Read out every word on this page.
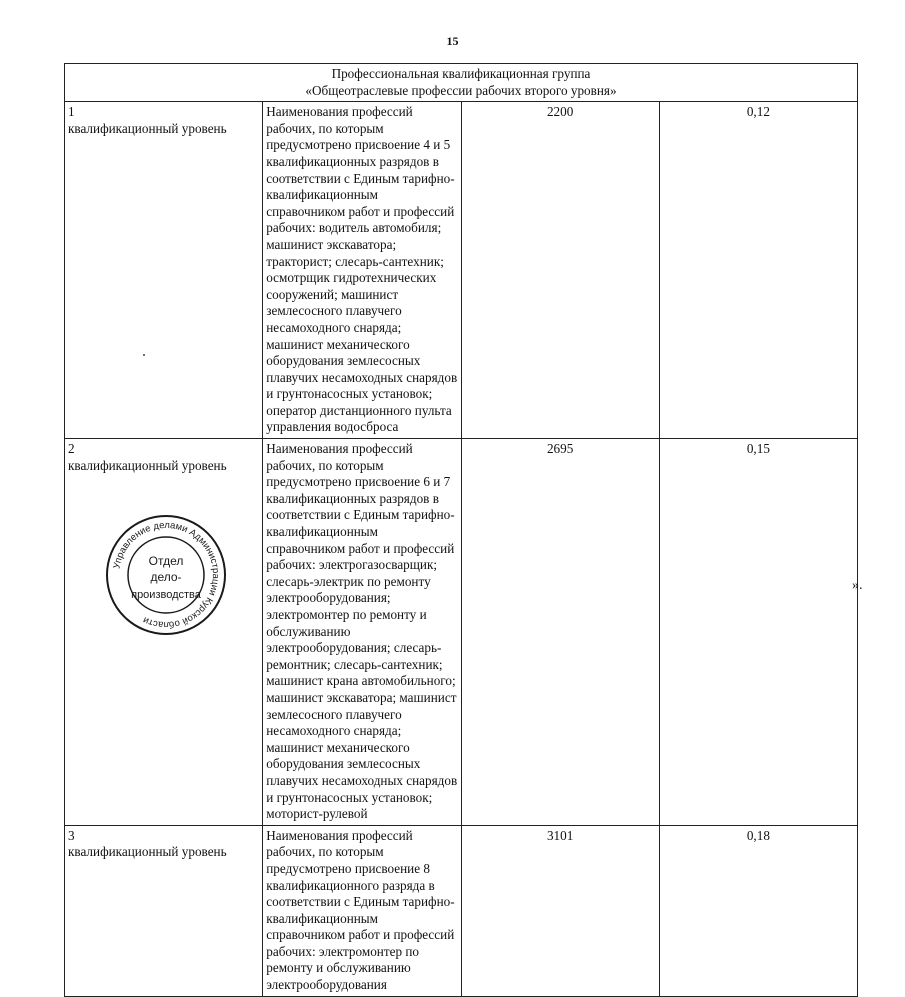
15
Профессиональная квалификационная группа
«Общеотраслевые профессии рабочих второго уровня»			

1
квалификационный уровень	Наименования профессий рабочих, по которым предусмотрено присвоение 4 и 5 квалификационных разрядов в соответствии с Единым тарифно-квалификационным справочником работ и профессий рабочих: водитель автомобиля; машинист экскаватора; тракторист; слесарь-сантехник; осмотрщик гидротехнических сооружений; машинист землесосного плавучего несамоходного снаряда; машинист механического оборудования землесосных плавучих несамоходных снарядов и грунтонасосных установок; оператор дистанционного пульта управления водосброса	2200	0,12

2
квалификационный уровень	Наименования профессий рабочих, по которым предусмотрено присвоение 6 и 7 квалификационных разрядов в соответствии с Единым тарифно-квалификационным справочником работ и профессий рабочих: электрогазосварщик; слесарь-электрик по ремонту электрооборудования; электромонтер по ремонту и обслуживанию электрооборудования; слесарь-ремонтник; слесарь-сантехник; машинист крана автомобильного; машинист экскаватора; машинист землесосного плавучего несамоходного снаряда; машинист механического оборудования землесосных плавучих несамоходных снарядов и грунтонасосных установок; моторист-рулевой	2695	0,15

3
квалификационный уровень	Наименования профессий рабочих, по которым предусмотрено присвоение 8 квалификационного разряда в соответствии с Единым тарифно-квалификационным справочником работ и профессий рабочих: электромонтер по ремонту и обслуживанию электрооборудования	3101	0,18
».
Управление делами Администрации Курской области
Отдел
дело-
производства
